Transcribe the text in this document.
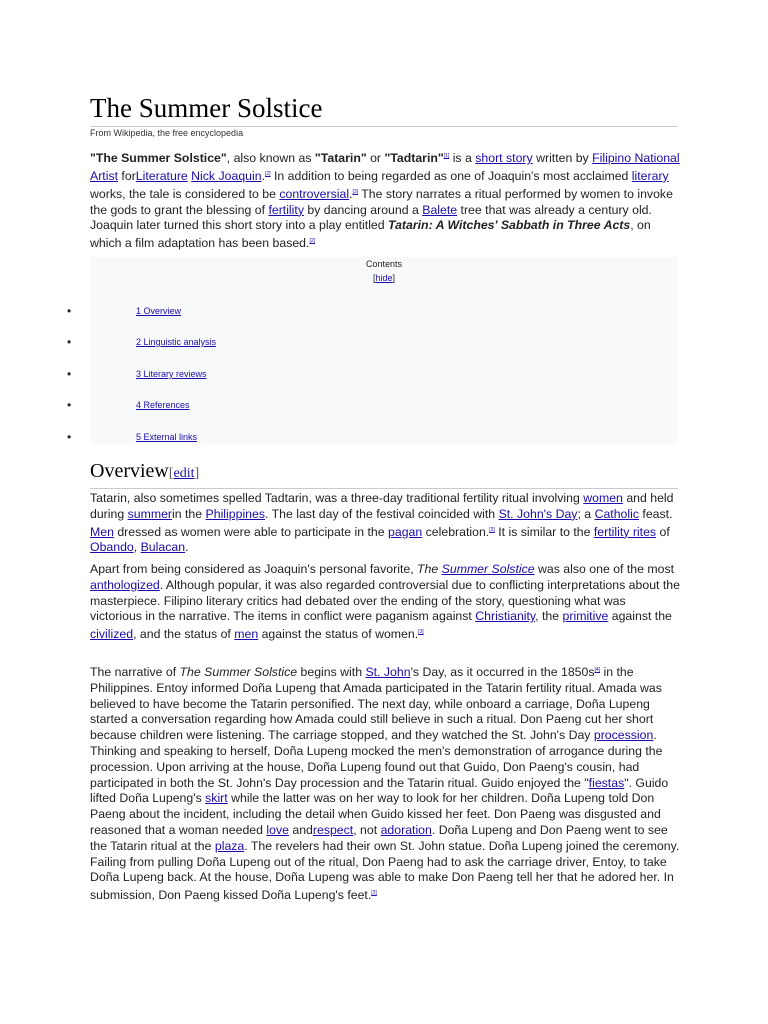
The Summer Solstice
From Wikipedia, the free encyclopedia

"The Summer Solstice", also known as "Tatarin" or "Tadtarin"[1] is a short story written by Filipino National Artist forLiterature Nick Joaquin.[2] In addition to being regarded as one of Joaquin's most acclaimed literary works, the tale is considered to be controversial.[3] The story narrates a ritual performed by women to invoke the gods to grant the blessing of fertility by dancing around a Balete tree that was already a century old. Joaquin later turned this short story into a play entitled Tatarin: A Witches' Sabbath in Three Acts, on which a film adaptation has been based.[2]

Contents
[hide]
•	1 Overview
•	2 Linguistic analysis
•	3 Literary reviews
•	4 References
•	5 External links
Overview[edit]

Tatarin, also sometimes spelled Tadtarin, was a three-day traditional fertility ritual involving women and held during summerin the Philippines. The last day of the festival coincided with St. John's Day; a Catholic feast. Men dressed as women were able to participate in the pagan celebration.[3] It is similar to the fertility rites of Obando, Bulacan.

Apart from being considered as Joaquin's personal favorite, The Summer Solstice was also one of the most anthologized. Although popular, it was also regarded controversial due to conflicting interpretations about the masterpiece. Filipino literary critics had debated over the ending of the story, questioning what was victorious in the narrative. The items in conflict were paganism against Christianity, the primitive against the civilized, and the status of men against the status of women.[3]

The narrative of The Summer Solstice begins with St. John's Day, as it occurred in the 1850s[4] in the Philippines. Entoy informed Doña Lupeng that Amada participated in the Tatarin fertility ritual. Amada was believed to have become the Tatarin personified. The next day, while onboard a carriage, Doña Lupeng started a conversation regarding how Amada could still believe in such a ritual. Don Paeng cut her short because children were listening. The carriage stopped, and they watched the St. John's Day procession. Thinking and speaking to herself, Doña Lupeng mocked the men's demonstration of arrogance during the procession. Upon arriving at the house, Doña Lupeng found out that Guido, Don Paeng's cousin, had participated in both the St. John's Day procession and the Tatarin ritual. Guido enjoyed the "fiestas". Guido lifted Doña Lupeng's skirt while the latter was on her way to look for her children. Doña Lupeng told Don Paeng about the incident, including the detail when Guido kissed her feet. Don Paeng was disgusted and reasoned that a woman needed love andrespect, not adoration. Doña Lupeng and Don Paeng went to see the Tatarin ritual at the plaza. The revelers had their own St. John statue. Doña Lupeng joined the ceremony. Failing from pulling Doña Lupeng out of the ritual, Don Paeng had to ask the carriage driver, Entoy, to take Doña Lupeng back. At the house, Doña Lupeng was able to make Don Paeng tell her that he adored her. In submission, Don Paeng kissed Doña Lupeng's feet.[3]
